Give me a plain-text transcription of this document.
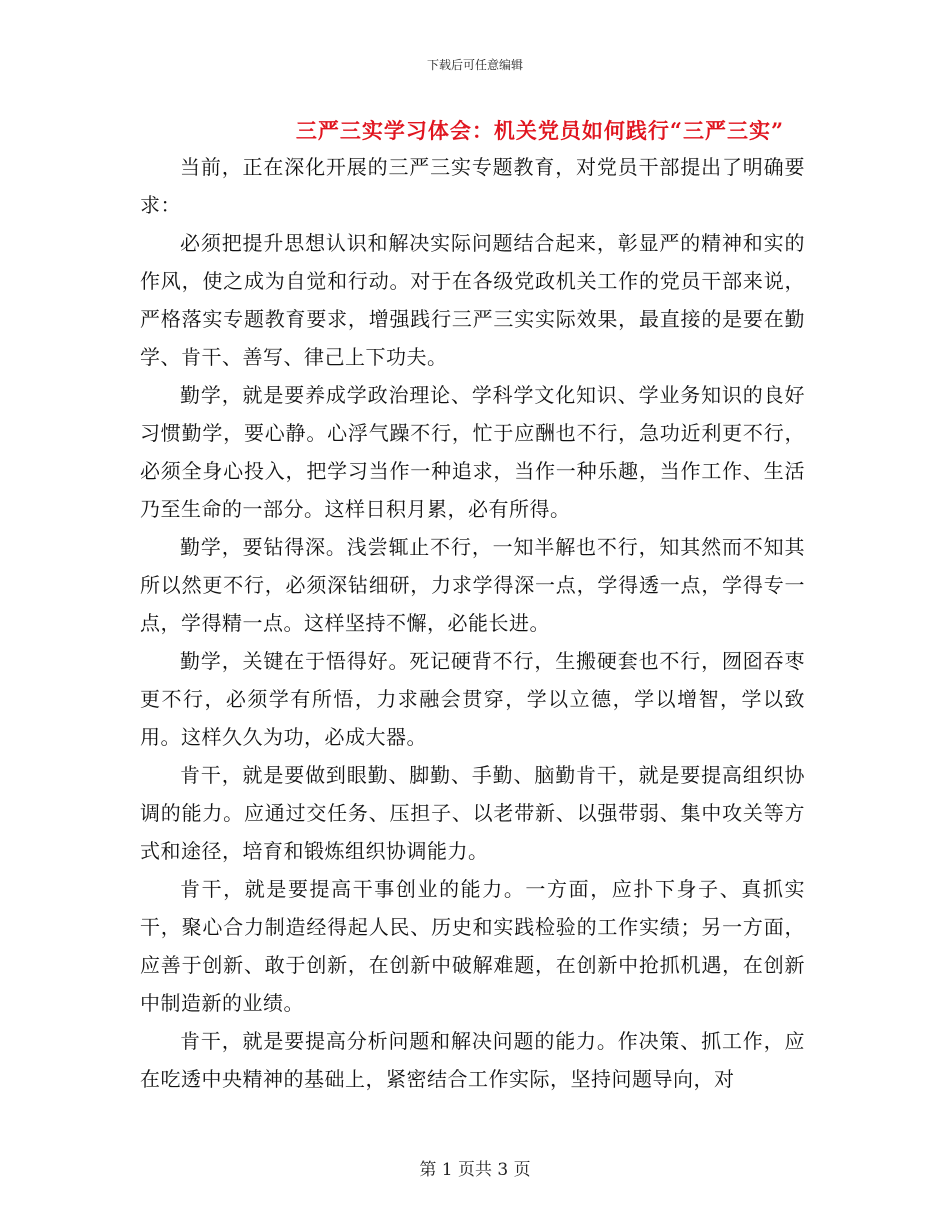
下载后可任意编辑
三严三实学习体会：机关党员如何践行“三严三实”

当前，正在深化开展的三严三实专题教育，对党员干部提出了明确要求：

必须把提升思想认识和解决实际问题结合起来，彰显严的精神和实的作风，使之成为自觉和行动。对于在各级党政机关工作的党员干部来说，严格落实专题教育要求，增强践行三严三实实际效果，最直接的是要在勤学、肯干、善写、律己上下功夫。

勤学，就是要养成学政治理论、学科学文化知识、学业务知识的良好习惯勤学，要心静。心浮气躁不行，忙于应酬也不行，急功近利更不行，必须全身心投入，把学习当作一种追求，当作一种乐趣，当作工作、生活乃至生命的一部分。这样日积月累，必有所得。

勤学，要钻得深。浅尝辄止不行，一知半解也不行，知其然而不知其所以然更不行，必须深钻细研，力求学得深一点，学得透一点，学得专一点，学得精一点。这样坚持不懈，必能长进。

勤学，关键在于悟得好。死记硬背不行，生搬硬套也不行，囫囵吞枣更不行，必须学有所悟，力求融会贯穿，学以立德，学以增智，学以致用。这样久久为功，必成大器。

肯干，就是要做到眼勤、脚勤、手勤、脑勤肯干，就是要提高组织协调的能力。应通过交任务、压担子、以老带新、以强带弱、集中攻关等方式和途径，培育和锻炼组织协调能力。

肯干，就是要提高干事创业的能力。一方面，应扑下身子、真抓实干，聚心合力制造经得起人民、历史和实践检验的工作实绩；另一方面，应善于创新、敢于创新，在创新中破解难题，在创新中抢抓机遇，在创新中制造新的业绩。

肯干，就是要提高分析问题和解决问题的能力。作决策、抓工作，应在吃透中央精神的基础上，紧密结合工作实际，坚持问题导向，对

第 1 页共 3 页
